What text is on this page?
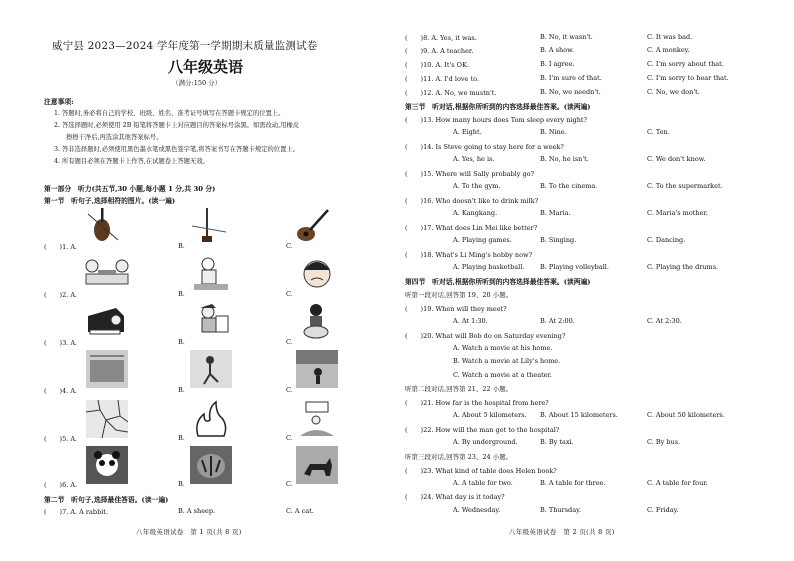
威宁县 2023—2024 学年度第一学期期末质量监测试卷
八年级英语
（满分:150 分）
注意事项:
1. 答题时,务必将自己的学校、班级、姓名、准考证号填写在答题卡规定的位置上。
2. 答选择题时,必须使用 2B 铅笔将答题卡上对应题目的答案标号涂黑。如需改动,用橡皮
擦擦干净后,再选涂其他答案标号。
3. 答非选择题时,必须使用黑色墨水笔或黑色签字笔,将答案书写在答题卡规定的位置上。
4. 所有题目必须在答题卡上作答,在试题卷上答题无效。
第一部分　听力(共五节,30 小题,每小题 1 分,共 30 分)
第一节　听句子,选择相符的图片。(读一遍)
(　　)1. A.	B.	C.
(　　)2. A.	B.	C.
(　　)3. A.	B.	C.
(　　)4. A.	B.	C.
(　　)5. A.	B.	C.
(　　)6. A.	B.	C.
第二节　听句子,选择最佳答语。(读一遍)
(　　)7. A. A rabbit.	B. A sheep.	C. A cat.
八年级英语试卷　第 1 页(共 8 页)
(　　)8. A. Yes, it was.	B. No, it wasn't.	C. It was bad.
(　　)9. A. A teacher.	B. A show.	C. A monkey.
(　　)10. A. It's OK.	B. I agree.	C. I'm sorry about that.
(　　)11. A. I'd love to.	B. I'm sure of that.	C. I'm sorry to hear that.
(　　)12. A. No, we mustn't.	B. No, we needn't.	C. No, we don't.
第三节　听对话,根据你所听到的内容选择最佳答案。(读两遍)
(　　)13. How many hours does Tom sleep every night?
A. Eight.	B. Nine.	C. Ten.
(　　)14. Is Steve going to stay here for a week?
A. Yes, he is.	B. No, he isn't.	C. We don't know.
(　　)15. Where will Sally probably go?
A. To the gym.	B. To the cinema.	C. To the supermarket.
(　　)16. Who doesn't like to drink milk?
A. Kangkang.	B. Maria.	C. Maria's mother.
(　　)17. What does Lin Mei like better?
A. Playing games.	B. Singing.	C. Dancing.
(　　)18. What's Li Ming's hobby now?
A. Playing basketball. B. Playing volleyball.	C. Playing the drums.
第四节　听对话,根据你所听到的内容选择最佳答案。(读两遍)
听第一段对话,回答第 19、20 小题。
(　　)19. When will they meet?
A. At 1:30.	B. At 2:00.	C. At 2:30.
(　　)20. What will Bob do on Saturday evening?
A. Watch a movie at his home.
B. Watch a movie at Lily's home.
C. Watch a movie at a theater.
听第二段对话,回答第 21、22 小题。
(　　)21. How far is the hospital from here?
A. About 5 kilometers. B. About 15 kilometers.	C. About 50 kilometers.
(　　)22. How will the man get to the hospital?
A. By underground.	B. By taxi.	C. By bus.
听第三段对话,回答第 23、24 小题。
(　　)23. What kind of table does Helen book?
A. A table for two.	B. A table for three.	C. A table for four.
(　　)24. What day is it today?
A. Wednesday.	B. Thursday.	C. Friday.
八年级英语试卷　第 2 页(共 8 页)
